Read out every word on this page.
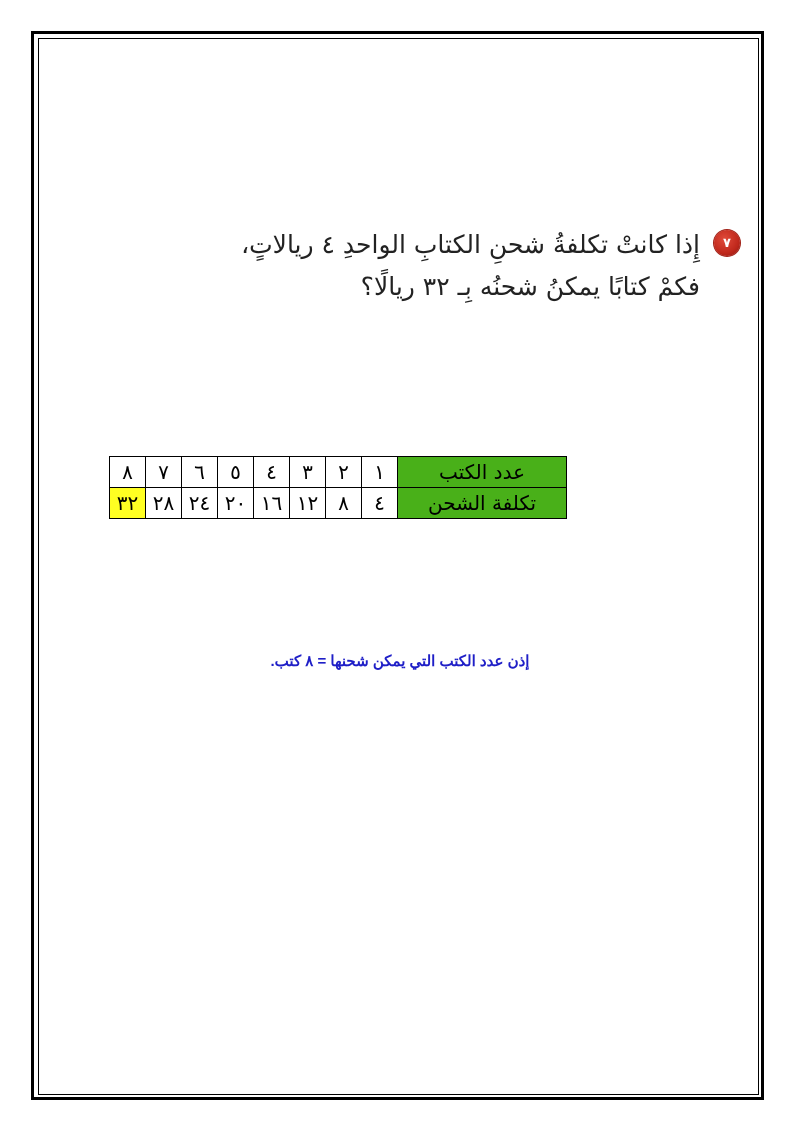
٧
إِذا كانتْ تكلفةُ شحنِ الكتابِ الواحدِ ٤ ريالاتٍ،
فكمْ كتابًا يمكنُ شحنُه بِـ ٣٢ ريالًا؟
عدد الكتب	١	٢	٣	٤	٥	٦	٧	٨
تكلفة الشحن	٤	٨	١٢	١٦	٢٠	٢٤	٢٨	٣٢
إذن عدد الكتب التي يمكن شحنها = ٨ كتب.
